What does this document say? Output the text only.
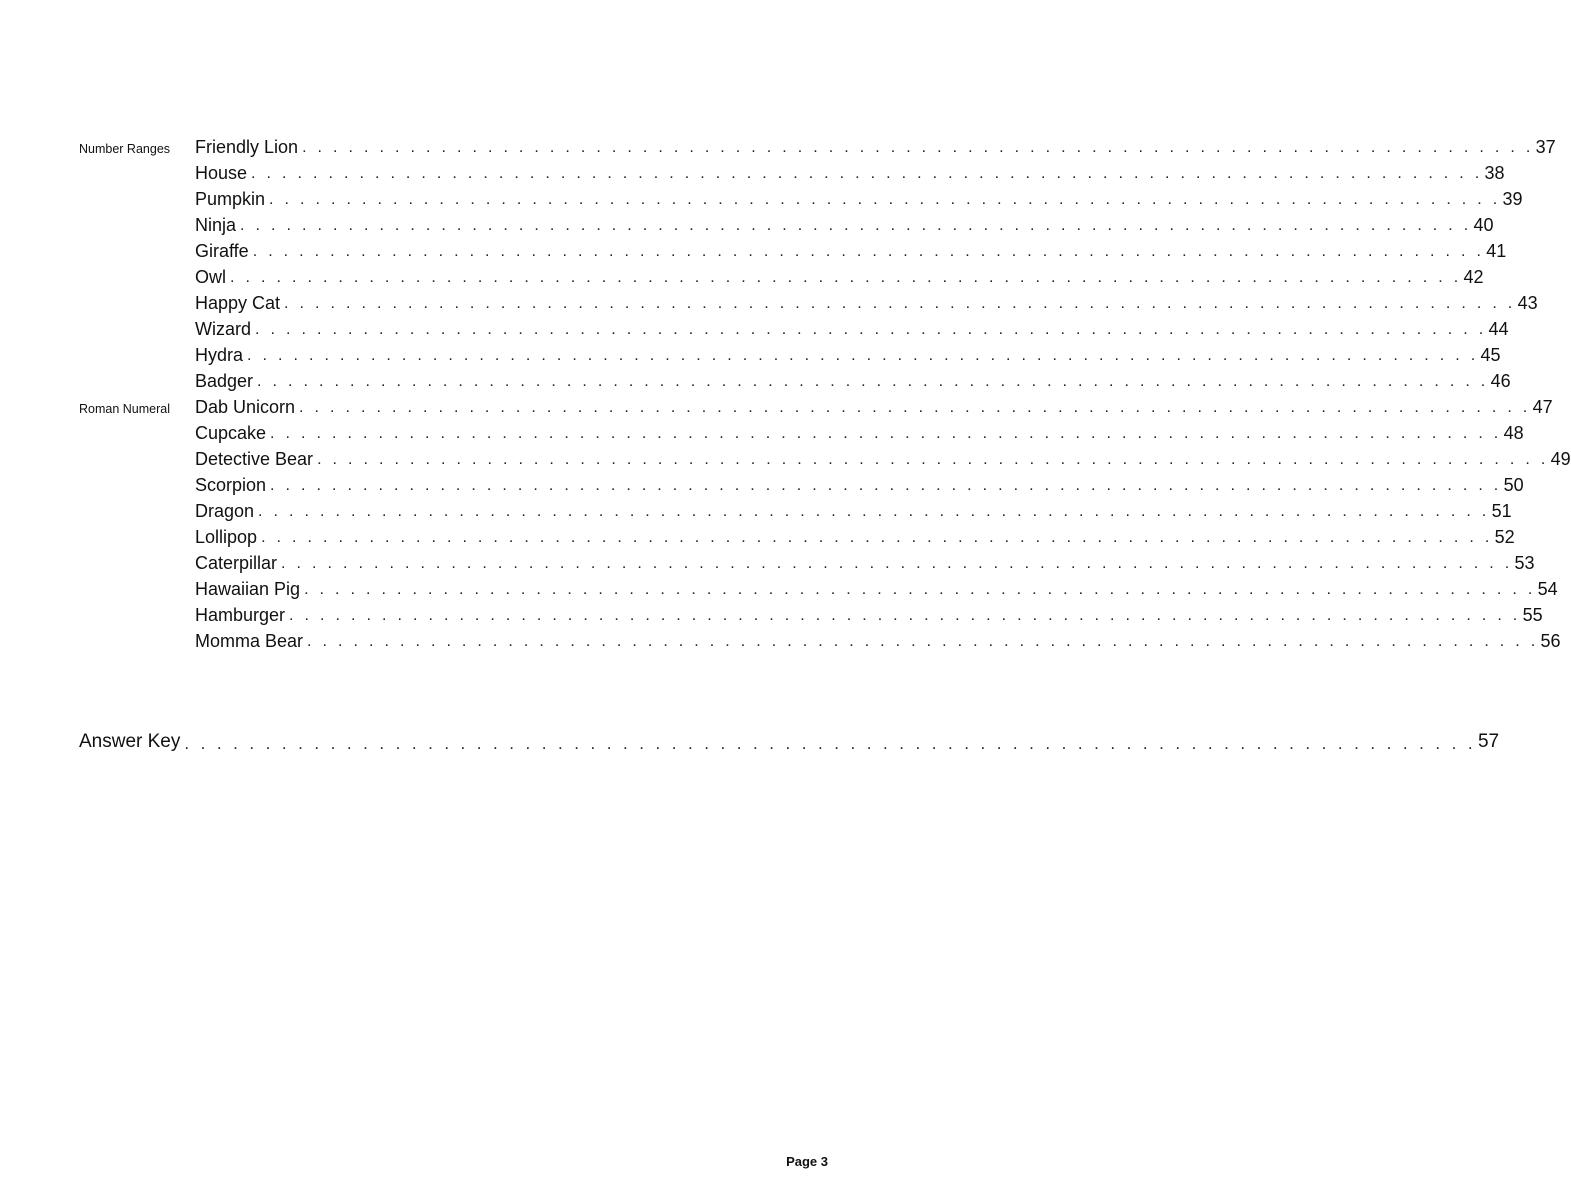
Number Ranges	Friendly Lion . . . . . . . . . . . . . . . . . . . . . . . . . . . . . . . . . . . . . . . . . . . . . . . . . . . . . . . . . . . . . . . . . . . . . . . . . . . . . . . . 37
House . . . . . . . . . . . . . . . . . . . . . . . . . . . . . . . . . . . . . . . . . . . . . . . . . . . . . . . . . . . . . . . . . . . . . . . . . . . . . . . . 38
Pumpkin . . . . . . . . . . . . . . . . . . . . . . . . . . . . . . . . . . . . . . . . . . . . . . . . . . . . . . . . . . . . . . . . . . . . . . . . . . . . . . . . 39
Ninja . . . . . . . . . . . . . . . . . . . . . . . . . . . . . . . . . . . . . . . . . . . . . . . . . . . . . . . . . . . . . . . . . . . . . . . . . . . . . . . . 40
Giraffe . . . . . . . . . . . . . . . . . . . . . . . . . . . . . . . . . . . . . . . . . . . . . . . . . . . . . . . . . . . . . . . . . . . . . . . . . . . . . . . . 41
Owl . . . . . . . . . . . . . . . . . . . . . . . . . . . . . . . . . . . . . . . . . . . . . . . . . . . . . . . . . . . . . . . . . . . . . . . . . . . . . . . . 42
Happy Cat . . . . . . . . . . . . . . . . . . . . . . . . . . . . . . . . . . . . . . . . . . . . . . . . . . . . . . . . . . . . . . . . . . . . . . . . . . . . . . . . 43
Wizard . . . . . . . . . . . . . . . . . . . . . . . . . . . . . . . . . . . . . . . . . . . . . . . . . . . . . . . . . . . . . . . . . . . . . . . . . . . . . . . . 44
Hydra . . . . . . . . . . . . . . . . . . . . . . . . . . . . . . . . . . . . . . . . . . . . . . . . . . . . . . . . . . . . . . . . . . . . . . . . . . . . . . . . 45
Badger . . . . . . . . . . . . . . . . . . . . . . . . . . . . . . . . . . . . . . . . . . . . . . . . . . . . . . . . . . . . . . . . . . . . . . . . . . . . . . . . 46
Roman Numeral	Dab Unicorn . . . . . . . . . . . . . . . . . . . . . . . . . . . . . . . . . . . . . . . . . . . . . . . . . . . . . . . . . . . . . . . . . . . . . . . . . . . . . . . . 47
Cupcake . . . . . . . . . . . . . . . . . . . . . . . . . . . . . . . . . . . . . . . . . . . . . . . . . . . . . . . . . . . . . . . . . . . . . . . . . . . . . . . . 48
Detective Bear . . . . . . . . . . . . . . . . . . . . . . . . . . . . . . . . . . . . . . . . . . . . . . . . . . . . . . . . . . . . . . . . . . . . . . . . . . . . . . . . 49
Scorpion . . . . . . . . . . . . . . . . . . . . . . . . . . . . . . . . . . . . . . . . . . . . . . . . . . . . . . . . . . . . . . . . . . . . . . . . . . . . . . . . 50
Dragon . . . . . . . . . . . . . . . . . . . . . . . . . . . . . . . . . . . . . . . . . . . . . . . . . . . . . . . . . . . . . . . . . . . . . . . . . . . . . . . . 51
Lollipop . . . . . . . . . . . . . . . . . . . . . . . . . . . . . . . . . . . . . . . . . . . . . . . . . . . . . . . . . . . . . . . . . . . . . . . . . . . . . . . . 52
Caterpillar . . . . . . . . . . . . . . . . . . . . . . . . . . . . . . . . . . . . . . . . . . . . . . . . . . . . . . . . . . . . . . . . . . . . . . . . . . . . . . . . 53
Hawaiian Pig . . . . . . . . . . . . . . . . . . . . . . . . . . . . . . . . . . . . . . . . . . . . . . . . . . . . . . . . . . . . . . . . . . . . . . . . . . . . . . . . 54
Hamburger . . . . . . . . . . . . . . . . . . . . . . . . . . . . . . . . . . . . . . . . . . . . . . . . . . . . . . . . . . . . . . . . . . . . . . . . . . . . . . . . 55
Momma Bear . . . . . . . . . . . . . . . . . . . . . . . . . . . . . . . . . . . . . . . . . . . . . . . . . . . . . . . . . . . . . . . . . . . . . . . . . . . . . . . . 56
Answer Key . . . . . . . . . . . . . . . . . . . . . . . . . . . . . . . . . . . . . . . . . . . . . . . . . . . . . . . . . . . . . . . . . . . . . . . . . . . . . . . . 57
Page 3
